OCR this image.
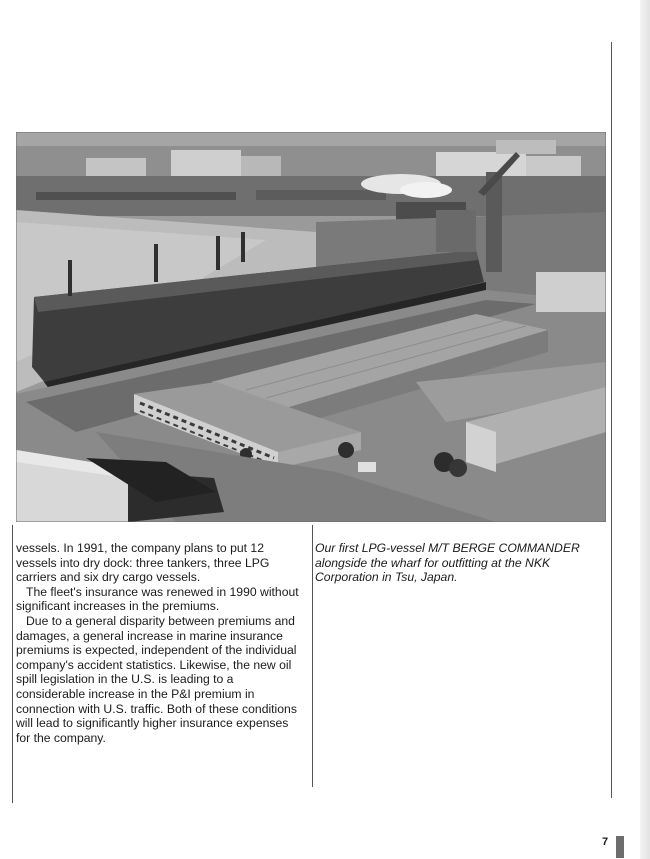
vessels. In 1991, the company plans to put 12 vessels into dry dock: three tankers, three LPG carriers and six dry cargo vessels.

The fleet's insurance was renewed in 1990 without significant increases in the premiums.

Due to a general disparity between premiums and damages, a general increase in marine insurance premiums is expected, independent of the individual company's accident statistics. Likewise, the new oil spill legislation in the U.S. is leading to a considerable increase in the P&I premium in connection with U.S. traffic. Both of these conditions will lead to significantly higher insurance expenses for the company.

Our first LPG-vessel M/T BERGE COMMANDER alongside the wharf for outfitting at the NKK Corporation in Tsu, Japan.

7
